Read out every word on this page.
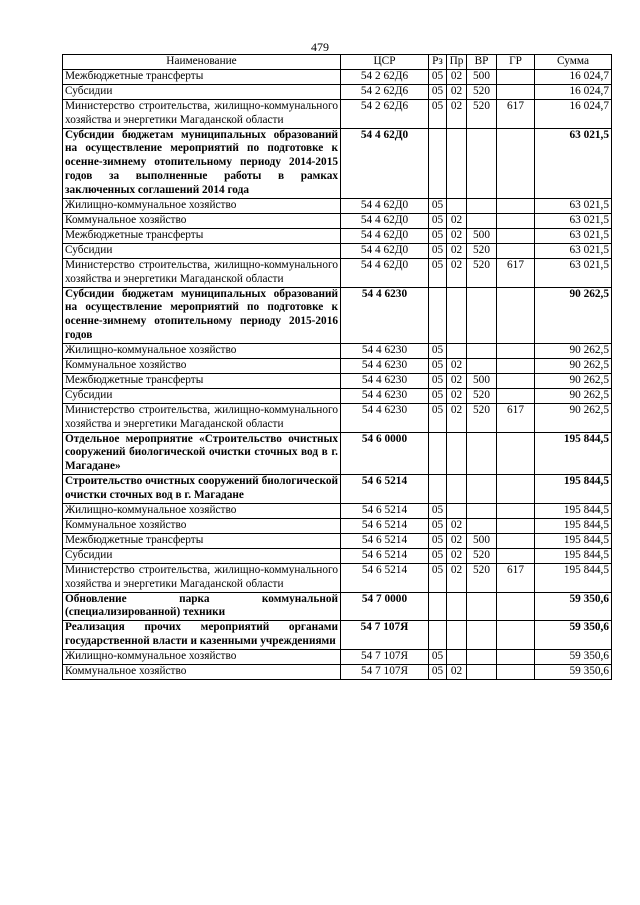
479
Наименование	ЦСР	Рз	Пр	ВР	ГР	Сумма
Межбюджетные трансферты	54 2 62Д6	05	02	500		16 024,7
Субсидии	54 2 62Д6	05	02	520		16 024,7
Министерство строительства, жилищно-коммунального хозяйства и энергетики Магаданской области	54 2 62Д6	05	02	520	617	16 024,7
Субсидии бюджетам муниципальных образований на осуществление мероприятий по подготовке к осенне-зимнему отопительному периоду 2014-2015 годов за выполненные работы в рамках заключенных соглашений 2014 года	54 4 62Д0					63 021,5
Жилищно-коммунальное хозяйство	54 4 62Д0	05				63 021,5
Коммунальное хозяйство	54 4 62Д0	05	02			63 021,5
Межбюджетные трансферты	54 4 62Д0	05	02	500		63 021,5
Субсидии	54 4 62Д0	05	02	520		63 021,5
Министерство строительства, жилищно-коммунального хозяйства и энергетики Магаданской области	54 4 62Д0	05	02	520	617	63 021,5
Субсидии бюджетам муниципальных образований на осуществление мероприятий по подготовке к осенне-зимнему отопительному периоду 2015-2016 годов	54 4 6230					90 262,5
Жилищно-коммунальное хозяйство	54 4 6230	05				90 262,5
Коммунальное хозяйство	54 4 6230	05	02			90 262,5
Межбюджетные трансферты	54 4 6230	05	02	500		90 262,5
Субсидии	54 4 6230	05	02	520		90 262,5
Министерство строительства, жилищно-коммунального хозяйства и энергетики Магаданской области	54 4 6230	05	02	520	617	90 262,5
Отдельное мероприятие «Строительство очистных сооружений биологической очистки сточных вод в г. Магадане»	54 6 0000					195 844,5
Строительство очистных сооружений биологической очистки сточных вод в г. Магадане	54 6 5214					195 844,5
Жилищно-коммунальное хозяйство	54 6 5214	05				195 844,5
Коммунальное хозяйство	54 6 5214	05	02			195 844,5
Межбюджетные трансферты	54 6 5214	05	02	500		195 844,5
Субсидии	54 6 5214	05	02	520		195 844,5
Министерство строительства, жилищно-коммунального хозяйства и энергетики Магаданской области	54 6 5214	05	02	520	617	195 844,5
Обновление парка коммунальной (специализированной) техники	54 7 0000					59 350,6
Реализация прочих мероприятий органами государственной власти и казенными учреждениями	54 7 107Я					59 350,6
Жилищно-коммунальное хозяйство	54 7 107Я	05				59 350,6
Коммунальное хозяйство	54 7 107Я	05	02			59 350,6
